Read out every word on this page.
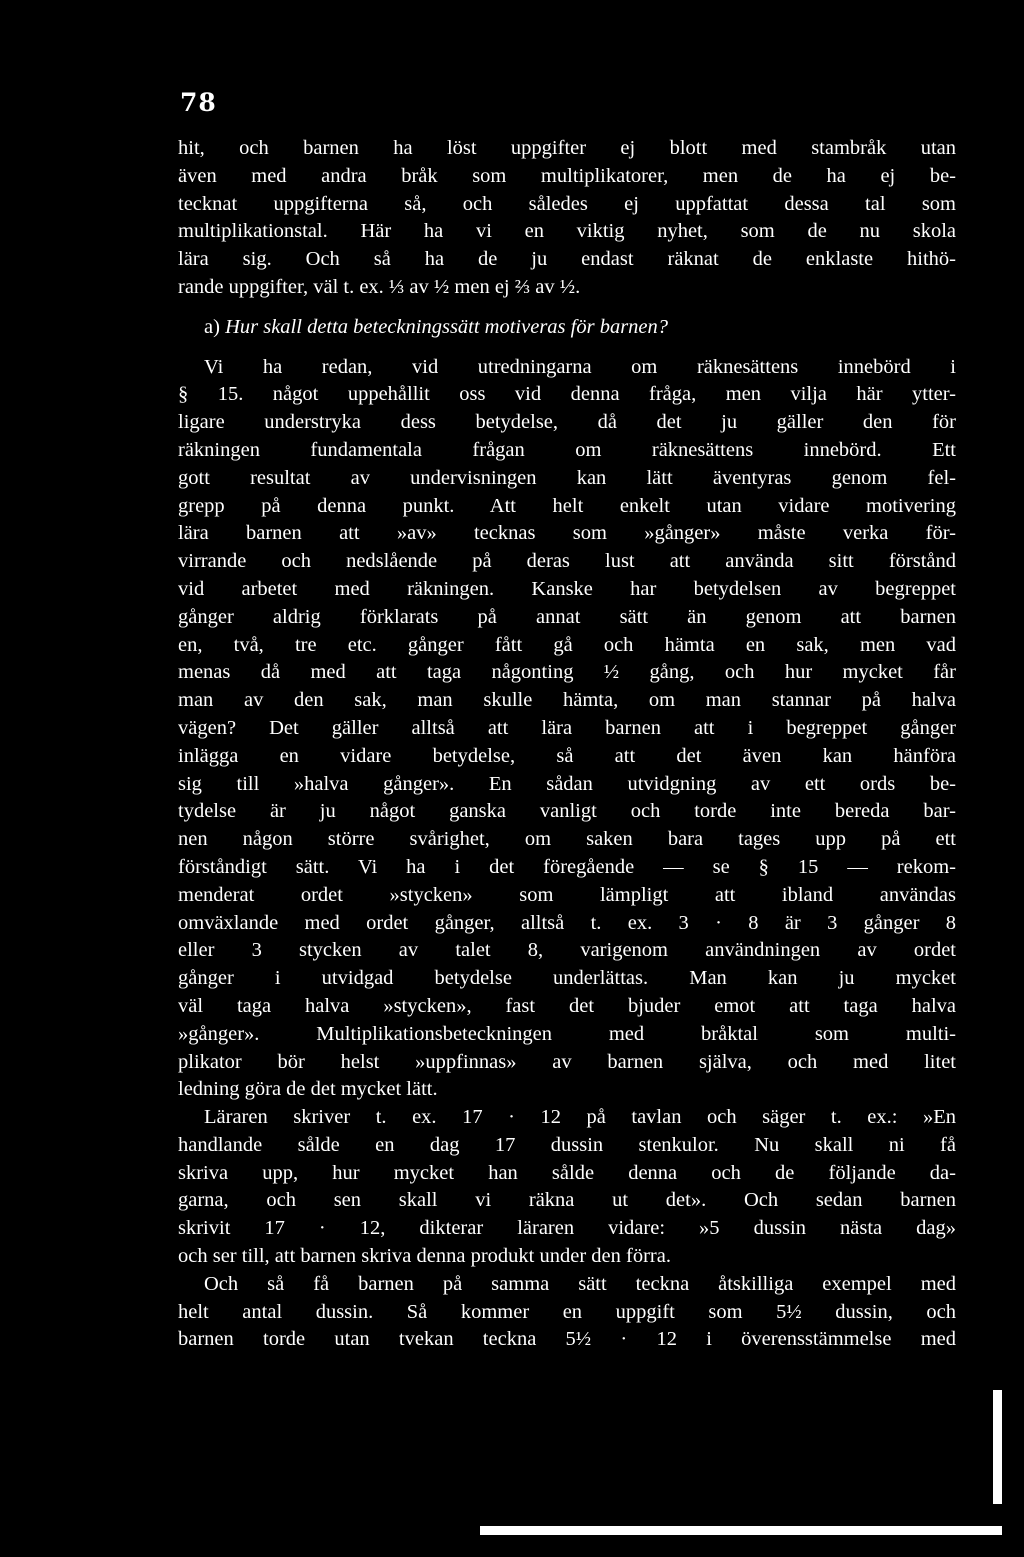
78
hit, och barnen ha löst uppgifter ej blott med stambråk utan
även med andra bråk som multiplikatorer, men de ha ej be-
tecknat uppgifterna så, och således ej uppfattat dessa tal som
multiplikationstal. Här ha vi en viktig nyhet, som de nu skola
lära sig. Och så ha de ju endast räknat de enklaste hithö-
rande uppgifter, väl t. ex. ⅓ av ½ men ej ⅔ av ½.
a) Hur skall detta beteckningssätt motiveras för barnen?
Vi ha redan, vid utredningarna om räknesättens innebörd i
§ 15. något uppehållit oss vid denna fråga, men vilja här ytter-
ligare understryka dess betydelse, då det ju gäller den för
räkningen fundamentala frågan om räknesättens innebörd. Ett
gott resultat av undervisningen kan lätt äventyras genom fel-
grepp på denna punkt. Att helt enkelt utan vidare motivering
lära barnen att »av» tecknas som »gånger» måste verka för-
virrande och nedslående på deras lust att använda sitt förstånd
vid arbetet med räkningen. Kanske har betydelsen av begreppet
gånger aldrig förklarats på annat sätt än genom att barnen
en, två, tre etc. gånger fått gå och hämta en sak, men vad
menas då med att taga någonting ½ gång, och hur mycket får
man av den sak, man skulle hämta, om man stannar på halva
vägen? Det gäller alltså att lära barnen att i begreppet gånger
inlägga en vidare betydelse, så att det även kan hänföra
sig till »halva gånger». En sådan utvidgning av ett ords be-
tydelse är ju något ganska vanligt och torde inte bereda bar-
nen någon större svårighet, om saken bara tages upp på ett
förståndigt sätt. Vi ha i det föregående — se § 15 — rekom-
menderat ordet »stycken» som lämpligt att ibland användas
omväxlande med ordet gånger, alltså t. ex. 3 · 8 är 3 gånger 8
eller 3 stycken av talet 8, varigenom användningen av ordet
gånger i utvidgad betydelse underlättas. Man kan ju mycket
väl taga halva »stycken», fast det bjuder emot att taga halva
»gånger». Multiplikationsbeteckningen med bråktal som multi-
plikator bör helst »uppfinnas» av barnen själva, och med litet
ledning göra de det mycket lätt.
Läraren skriver t. ex. 17 · 12 på tavlan och säger t. ex.: »En
handlande sålde en dag 17 dussin stenkulor. Nu skall ni få
skriva upp, hur mycket han sålde denna och de följande da-
garna, och sen skall vi räkna ut det». Och sedan barnen
skrivit 17 · 12, dikterar läraren vidare: »5 dussin nästa dag»
och ser till, att barnen skriva denna produkt under den förra.
Och så få barnen på samma sätt teckna åtskilliga exempel med
helt antal dussin. Så kommer en uppgift som 5½ dussin, och
barnen torde utan tvekan teckna 5½ · 12 i överensstämmelse med
